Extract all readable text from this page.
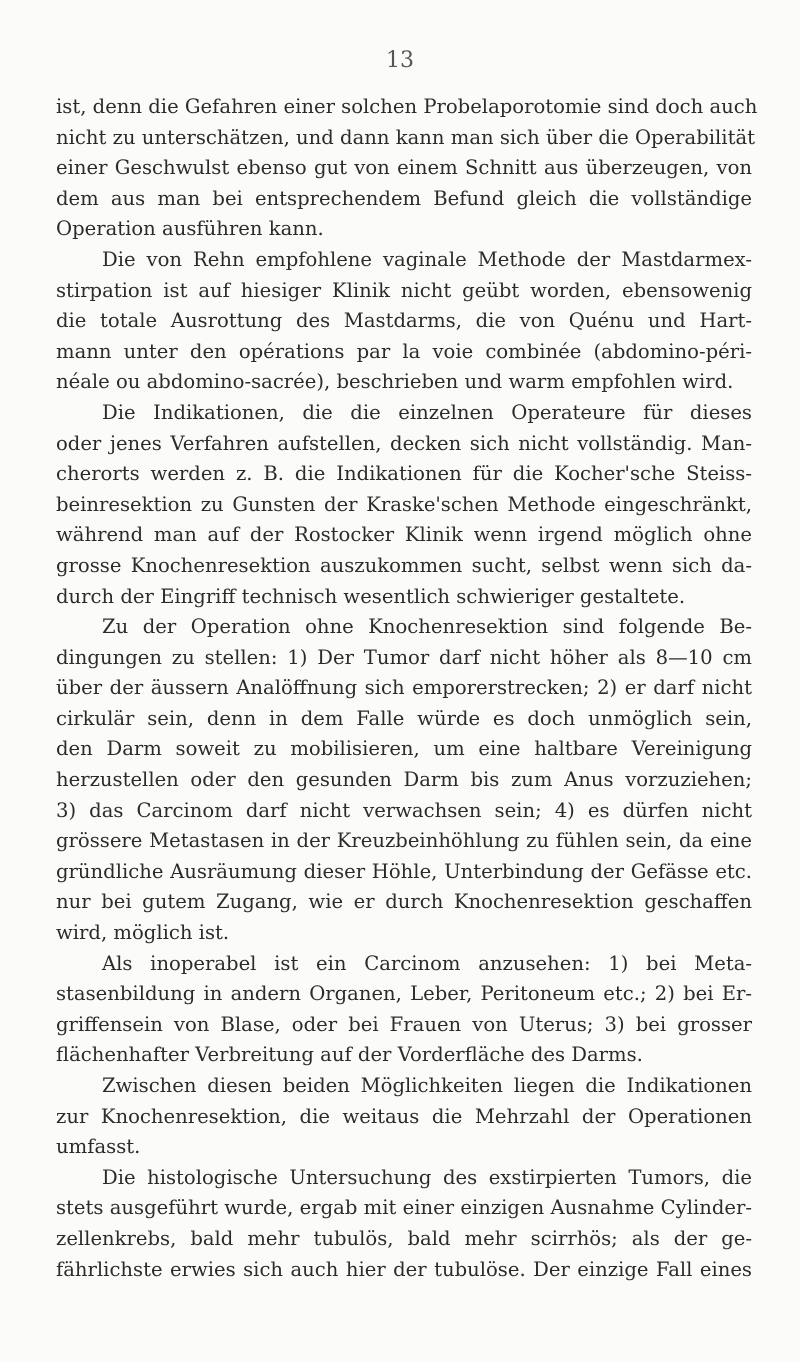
13
ist, denn die Gefahren einer solchen Probelaporotomie sind doch auch
nicht zu unterschätzen, und dann kann man sich über die Operabilität
einer Geschwulst ebenso gut von einem Schnitt aus überzeugen, von
dem aus man bei entsprechendem Befund gleich die vollständige
Operation ausführen kann.
Die von Rehn empfohlene vaginale Methode der Mastdarmex-
stirpation ist auf hiesiger Klinik nicht geübt worden, ebensowenig
die totale Ausrottung des Mastdarms, die von Quénu und Hart-
mann unter den opérations par la voie combinée (abdomino-péri-
néale ou abdomino-sacrée), beschrieben und warm empfohlen wird.
Die Indikationen, die die einzelnen Operateure für dieses
oder jenes Verfahren aufstellen, decken sich nicht vollständig. Man-
cherorts werden z. B. die Indikationen für die Kocher'sche Steiss-
beinresektion zu Gunsten der Kraske'schen Methode eingeschränkt,
während man auf der Rostocker Klinik wenn irgend möglich ohne
grosse Knochenresektion auszukommen sucht, selbst wenn sich da-
durch der Eingriff technisch wesentlich schwieriger gestaltete.
Zu der Operation ohne Knochenresektion sind folgende Be-
dingungen zu stellen: 1) Der Tumor darf nicht höher als 8—10 cm
über der äussern Analöffnung sich emporerstrecken; 2) er darf nicht
cirkulär sein, denn in dem Falle würde es doch unmöglich sein,
den Darm soweit zu mobilisieren, um eine haltbare Vereinigung
herzustellen oder den gesunden Darm bis zum Anus vorzuziehen;
3) das Carcinom darf nicht verwachsen sein; 4) es dürfen nicht
grössere Metastasen in der Kreuzbeinhöhlung zu fühlen sein, da eine
gründliche Ausräumung dieser Höhle, Unterbindung der Gefässe etc.
nur bei gutem Zugang, wie er durch Knochenresektion geschaffen
wird, möglich ist.
Als inoperabel ist ein Carcinom anzusehen: 1) bei Meta-
stasenbildung in andern Organen, Leber, Peritoneum etc.; 2) bei Er-
griffensein von Blase, oder bei Frauen von Uterus; 3) bei grosser
flächenhafter Verbreitung auf der Vorderfläche des Darms.
Zwischen diesen beiden Möglichkeiten liegen die Indikationen
zur Knochenresektion, die weitaus die Mehrzahl der Operationen
umfasst.
Die histologische Untersuchung des exstirpierten Tumors, die
stets ausgeführt wurde, ergab mit einer einzigen Ausnahme Cylinder-
zellenkrebs, bald mehr tubulös, bald mehr scirrhös; als der ge-
fährlichste erwies sich auch hier der tubulöse. Der einzige Fall eines
